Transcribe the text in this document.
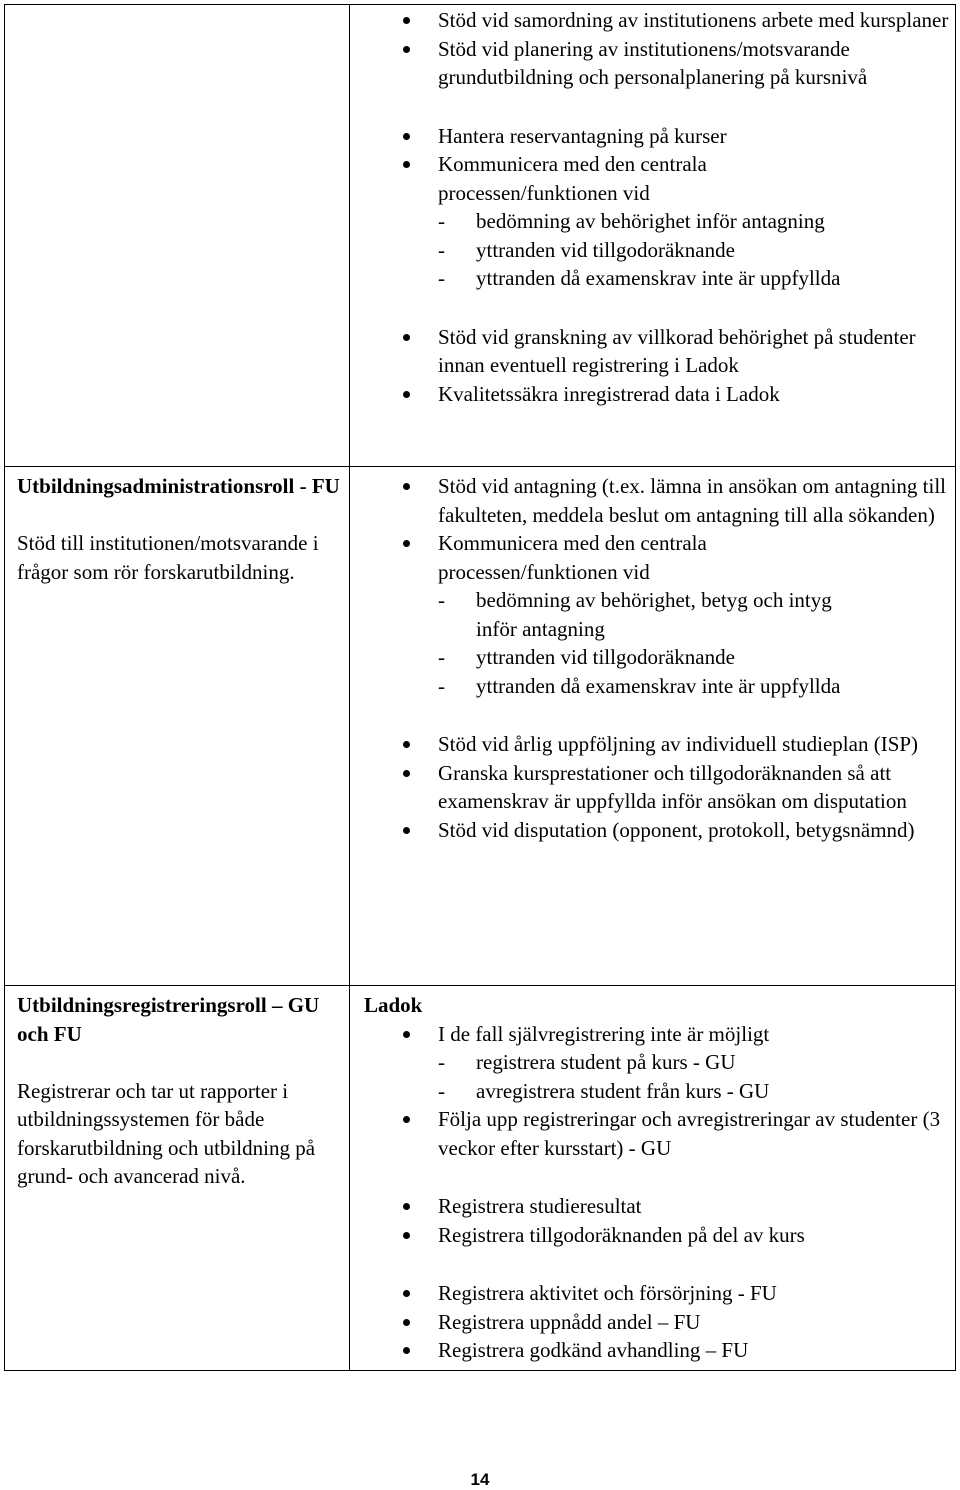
Stöd vid samordning av institutionens arbete med kursplaner

Stöd vid planering av institutionens/motsvarande grundutbildning och personalplanering på kursnivå

Hantera reservantagning på kurser

Kommunicera med den centrala processen/funktionen vid

- bedömning av behörighet inför antagning

- yttranden vid tillgodoräknande

- yttranden då examenskrav inte är uppfyllda

Stöd vid granskning av villkorad behörighet på studenter innan eventuell registrering i Ladok

Kvalitetssäkra inregistrerad data i Ladok

Utbildningsadministrationsroll - FU
Stöd till institutionen/motsvarande i frågor som rör forskarutbildning.

Stöd vid antagning (t.ex. lämna in ansökan om antagning till fakulteten, meddela beslut om antagning till alla sökanden)

Kommunicera med den centrala processen/funktionen vid

- bedömning av behörighet, betyg och intyg inför antagning

- yttranden vid tillgodoräknande

- yttranden då examenskrav inte är uppfyllda

Stöd vid årlig uppföljning av individuell studieplan (ISP)

Granska kursprestationer och tillgodoräknanden så att examenskrav är uppfyllda inför ansökan om disputation

Stöd vid disputation (opponent, protokoll, betygsnämnd)

Utbildningsregistreringsroll – GU och FU
Registrerar och tar ut rapporter i utbildningssystemen för både forskarutbildning och utbildning på grund- och avancerad nivå.
Ladok

I de fall självregistrering inte är möjligt

- registrera student på kurs - GU

- avregistrera student från kurs - GU

Följa upp registreringar och avregistreringar av studenter (3 veckor efter kursstart) - GU

Registrera studieresultat

Registrera tillgodoräknanden på del av kurs

Registrera aktivitet och försörjning - FU

Registrera uppnådd andel – FU

Registrera godkänd avhandling – FU

14
